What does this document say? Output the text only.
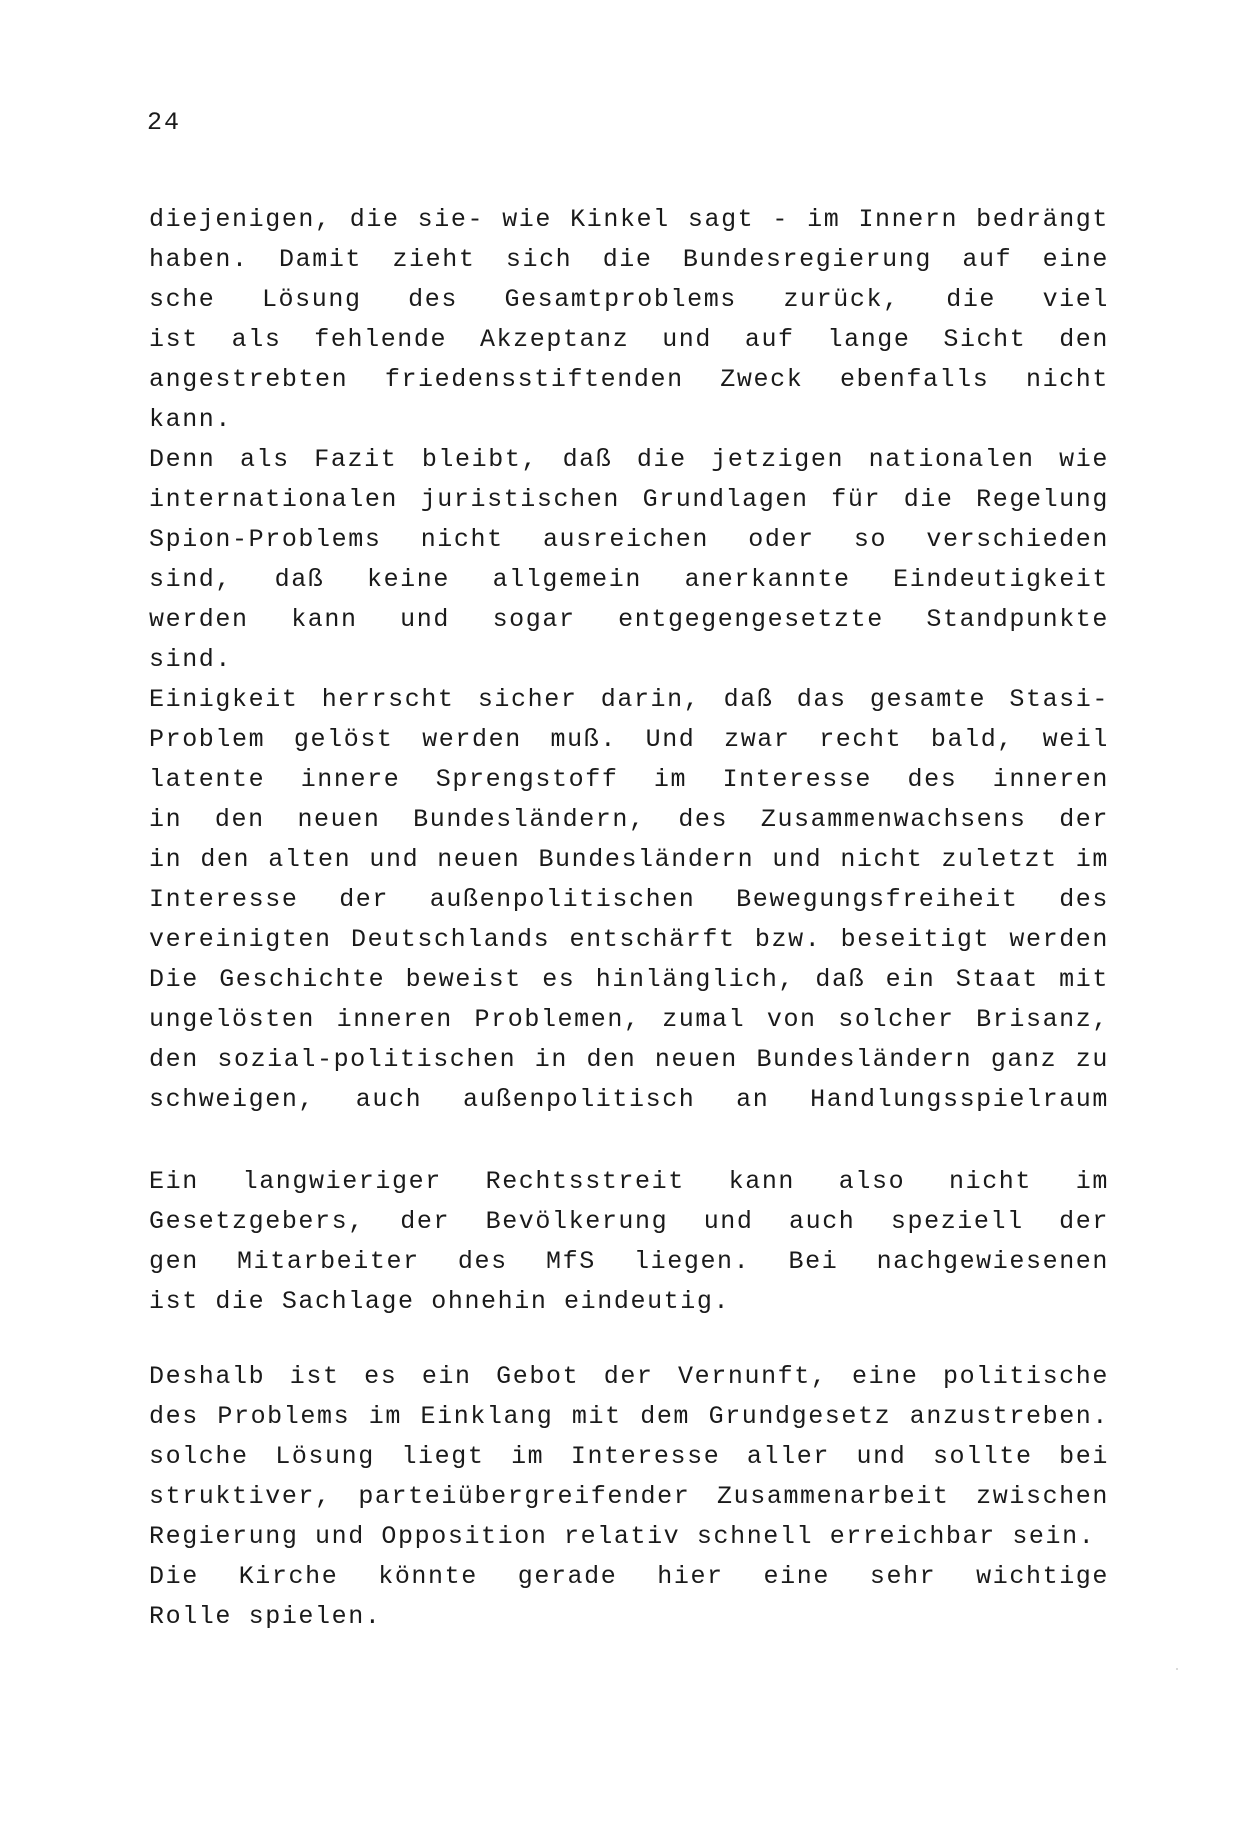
24
diejenigen, die sie- wie Kinkel sagt - im Innern bedrängt
haben. Damit zieht sich die Bundesregierung auf eine
sche Lösung des Gesamtproblems zurück, die viel
ist als fehlende Akzeptanz und auf lange Sicht den
angestrebten friedensstiftenden Zweck ebenfalls nicht
kann.
Denn als Fazit bleibt, daß die jetzigen nationalen wie
internationalen juristischen Grundlagen für die Regelung
Spion-Problems nicht ausreichen oder so verschieden
sind, daß keine allgemein anerkannte Eindeutigkeit
werden kann und sogar entgegengesetzte Standpunkte
sind.
Einigkeit herrscht sicher darin, daß das gesamte Stasi-
Problem gelöst werden muß. Und zwar recht bald, weil
latente innere Sprengstoff im Interesse des inneren
in den neuen Bundesländern, des Zusammenwachsens der
in den alten und neuen Bundesländern und nicht zuletzt im
Interesse der außenpolitischen Bewegungsfreiheit des
vereinigten Deutschlands entschärft bzw. beseitigt werden
Die Geschichte beweist es hinlänglich, daß ein Staat mit
ungelösten inneren Problemen, zumal von solcher Brisanz,
den sozial-politischen in den neuen Bundesländern ganz zu
schweigen, auch außenpolitisch an Handlungsspielraum
Ein langwieriger Rechtsstreit kann also nicht im
Gesetzgebers, der Bevölkerung und auch speziell der
gen Mitarbeiter des MfS liegen. Bei nachgewiesenen
ist die Sachlage ohnehin eindeutig.
Deshalb ist es ein Gebot der Vernunft, eine politische
des Problems im Einklang mit dem Grundgesetz anzustreben.
solche Lösung liegt im Interesse aller und sollte bei
struktiver, parteiübergreifender Zusammenarbeit zwischen
Regierung und Opposition relativ schnell erreichbar sein.
Die Kirche könnte gerade hier eine sehr wichtige
Rolle spielen.
